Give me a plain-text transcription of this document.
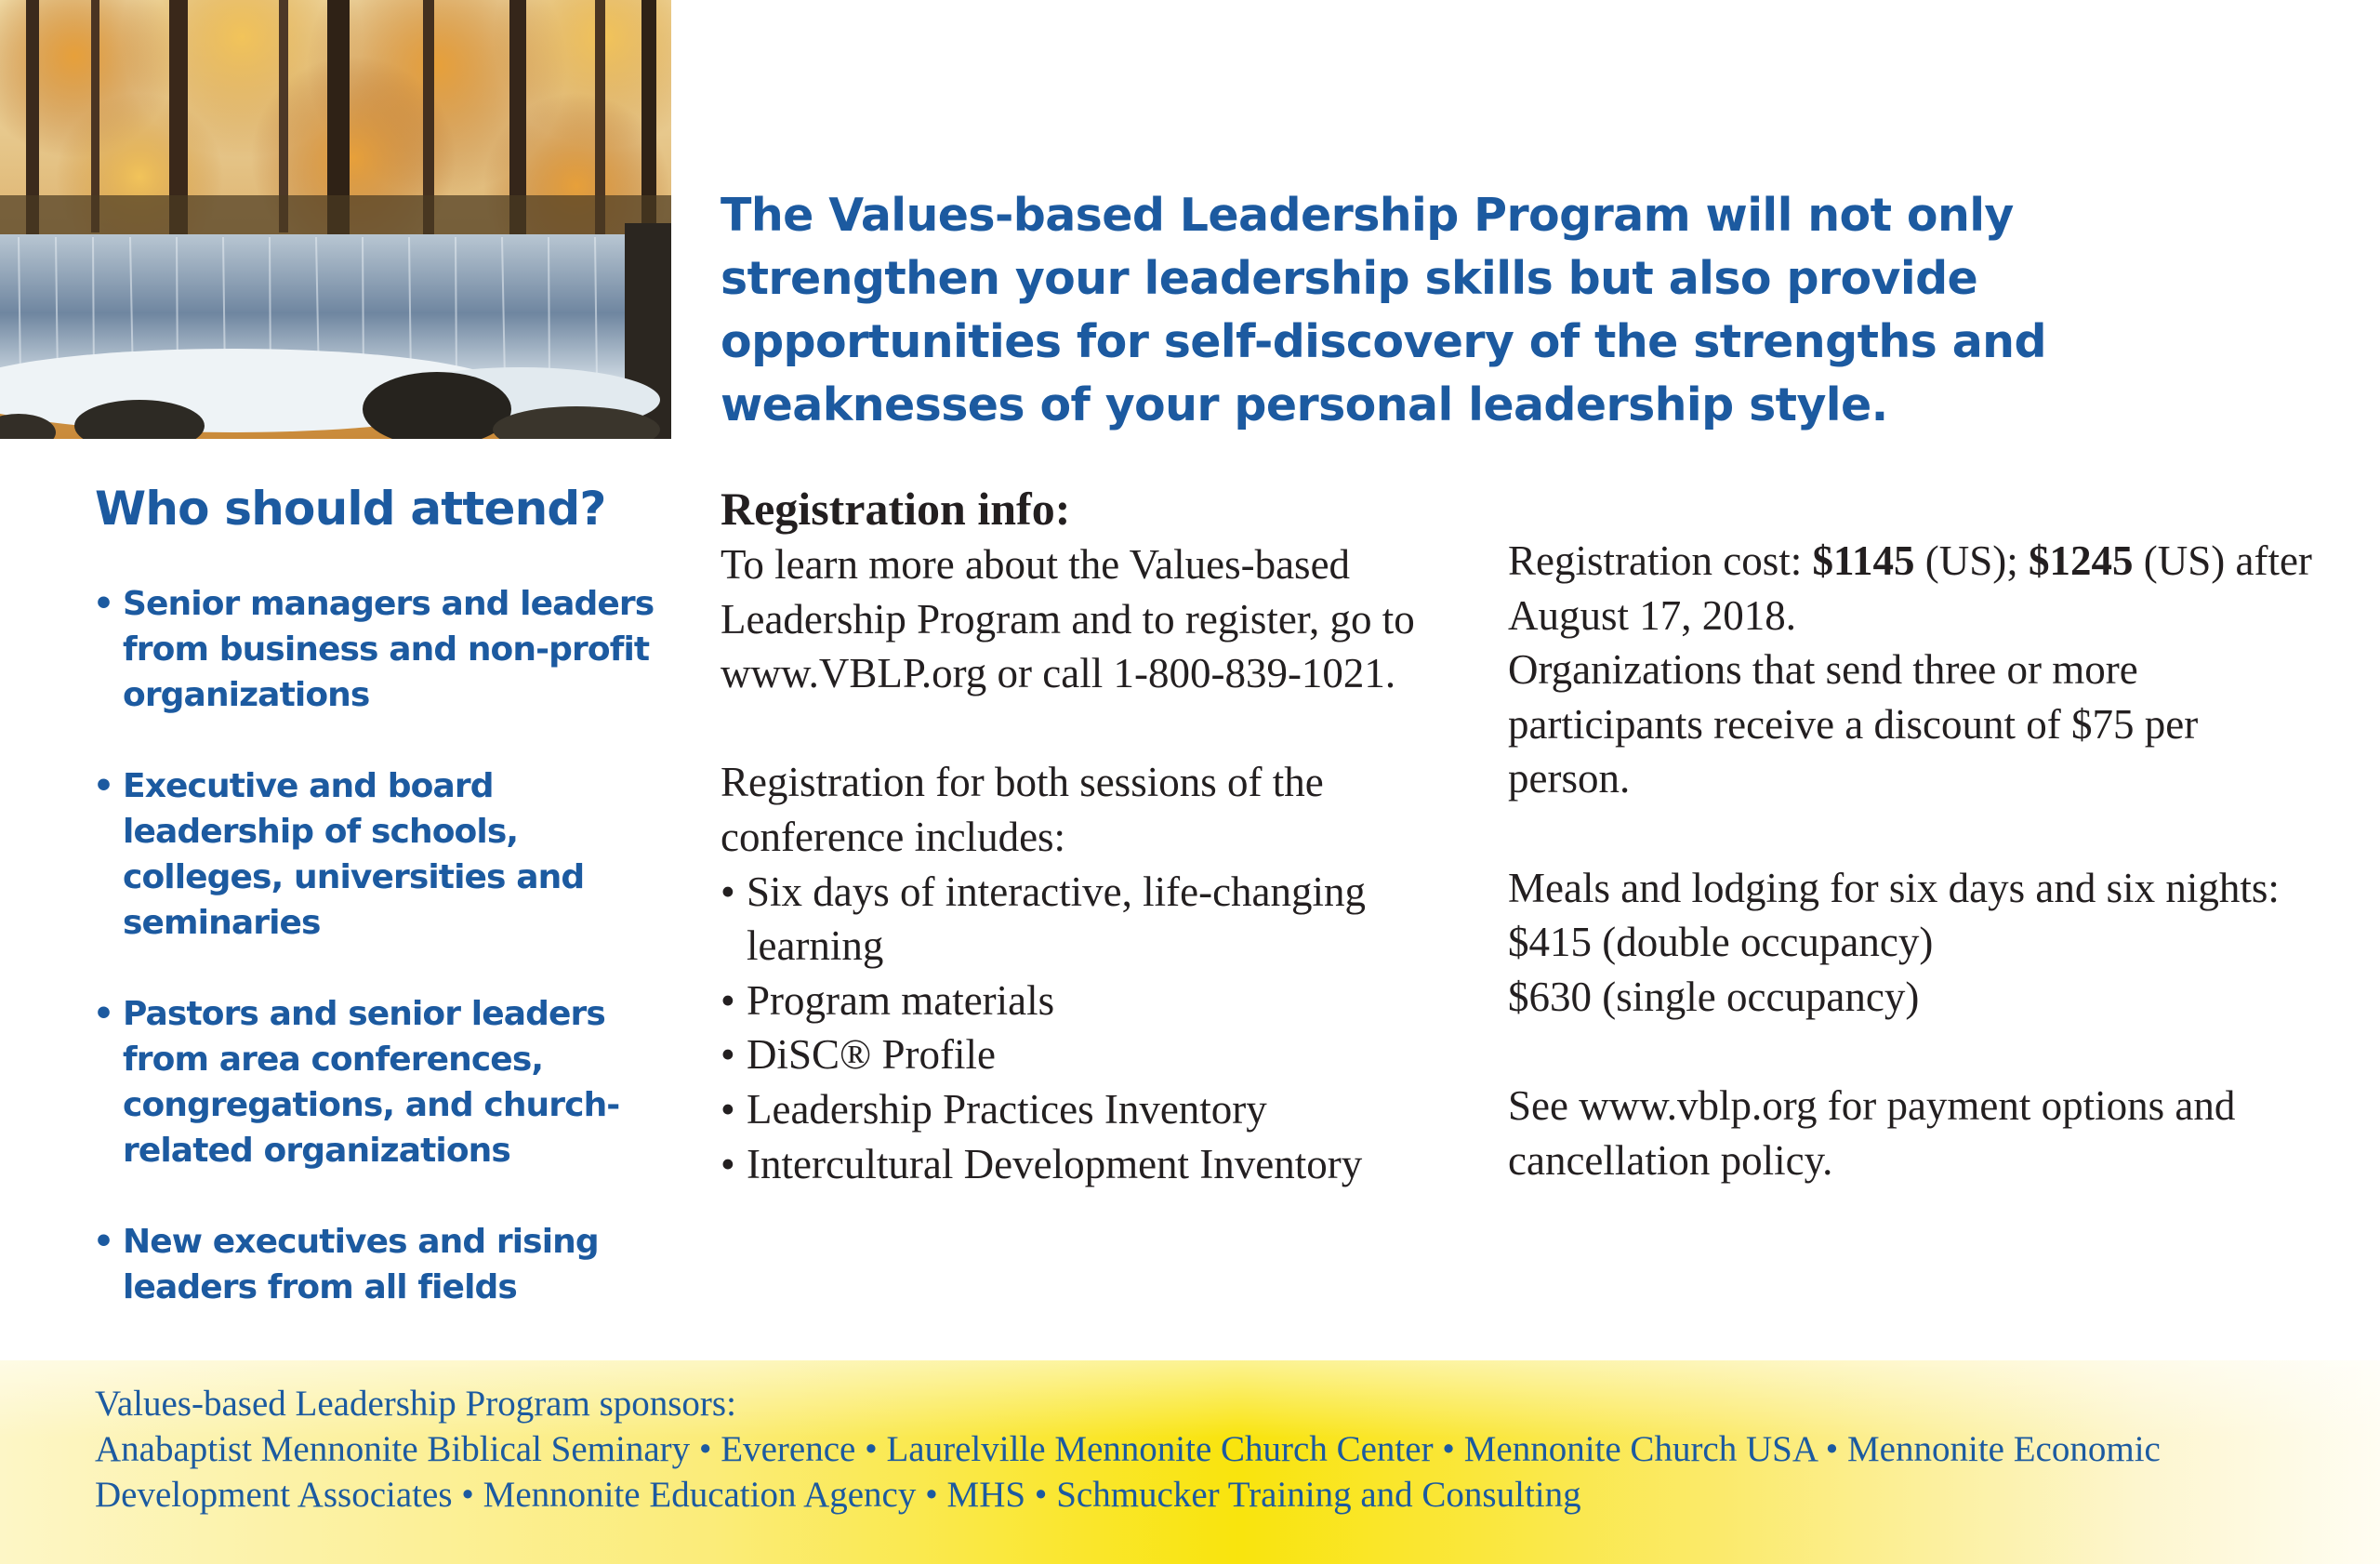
The Values-based Leadership Program will not only strengthen your leadership skills but also provide opportunities for self-discovery of the strengths and weaknesses of your personal leadership style.

Who should attend?
• Senior managers and leaders from business and non-profit organizations
• Executive and board leadership of schools, colleges, universities and seminaries
• Pastors and senior leaders from area conferences, congregations, and church-related organizations
• New executives and rising leaders from all fields
Registration info:

To learn more about the Values-based Leadership Program and to register, go to www.VBLP.org or call 1-800-839-1021.

Registration for both sessions of the conference includes:

• Six days of interactive, life-changing learning
• Program materials
• DiSC® Profile
• Leadership Practices Inventory
• Intercultural Development Inventory

Registration cost: $1145 (US); $1245 (US) after August 17, 2018.

Organizations that send three or more participants receive a discount of $75 per person.

Meals and lodging for six days and six nights:

$415 (double occupancy)

$630 (single occupancy)

See www.vblp.org for payment options and cancellation policy.

Values-based Leadership Program sponsors:

Anabaptist Mennonite Biblical Seminary • Everence • Laurelville Mennonite Church Center • Mennonite Church USA • Mennonite Economic Development Associates • Mennonite Education Agency • MHS • Schmucker Training and Consulting
